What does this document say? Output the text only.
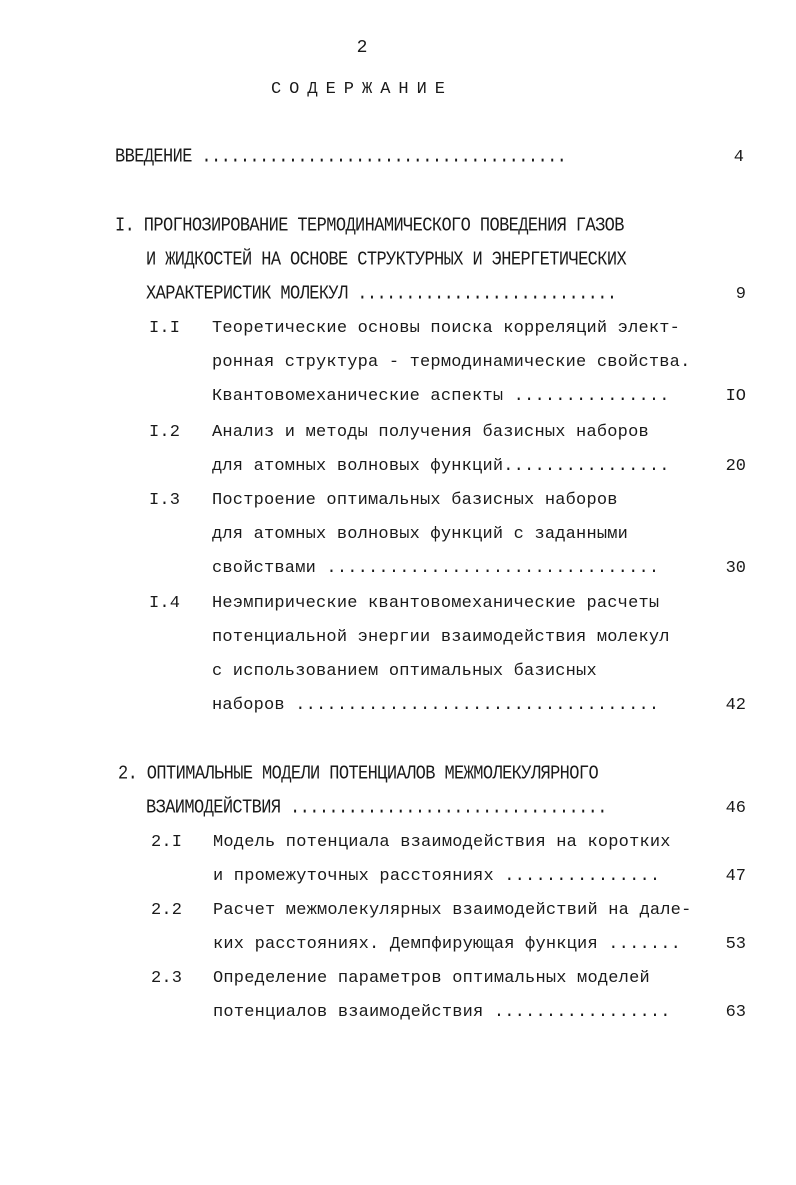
2
СОДЕРЖАНИЕ
ВВЕДЕНИЕ ......................................	4
I. ПРОГНОЗИРОВАНИЕ ТЕРМОДИНАМИЧЕСКОГО ПОВЕДЕНИЯ ГАЗОВ
И ЖИДКОСТЕЙ НА ОСНОВЕ СТРУКТУРНЫХ И ЭНЕРГЕТИЧЕСКИХ
ХАРАКТЕРИСТИК МОЛЕКУЛ ...........................	9
I.I Теоретические основы поиска корреляций элект-
ронная структура - термодинамические свойства.
Квантовомеханические аспекты ...............	IO
I.2 Анализ и методы получения базисных наборов
для атомных волновых функций................	20
I.3 Построение оптимальных базисных наборов
для атомных волновых функций с заданными
свойствами ................................	30
I.4 Неэмпирические квантовомеханические расчеты
потенциальной энергии взаимодействия молекул
с использованием оптимальных базисных
наборов ...................................	42
2. ОПТИМАЛЬНЫЕ МОДЕЛИ ПОТЕНЦИАЛОВ МЕЖМОЛЕКУЛЯРНОГО
ВЗАИМОДЕЙСТВИЯ .................................	46
2.I Модель потенциала взаимодействия на коротких
и промежуточных расстояниях ...............	47
2.2 Расчет межмолекулярных взаимодействий на дале-
ких расстояниях. Демпфирующая функция .......	53
2.3 Определение параметров оптимальных моделей
потенциалов взаимодействия .................	63
